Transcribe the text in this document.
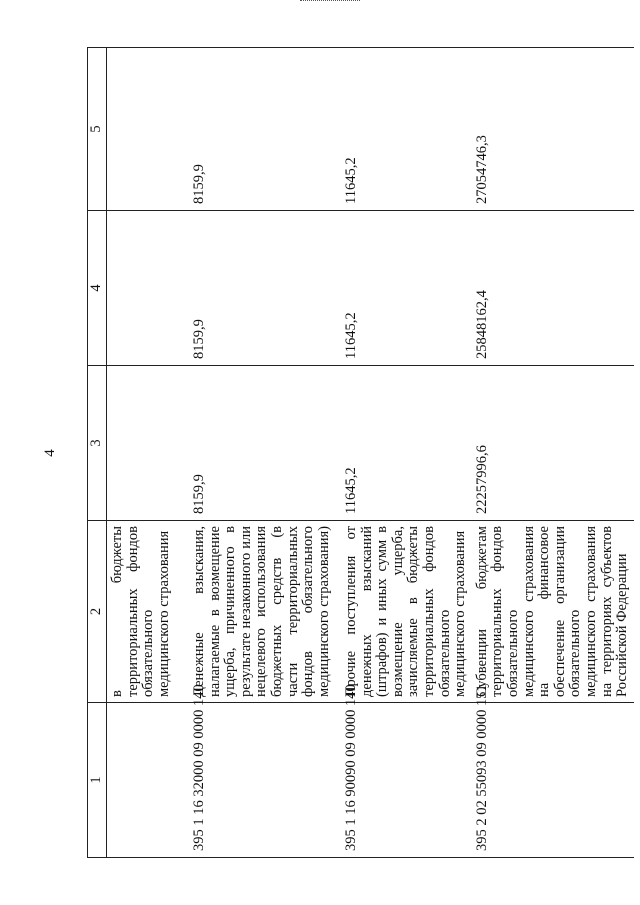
4
1	2	3	4	5
	в бюджеты территориальных фондов обязательного медицинского страхования			
395 1 16 32000 09 0000 140	Денежные взыскания, налагаемые в возмещение ущерба, причиненного в результате незаконного или нецелевого использования бюджетных средств (в части территориальных фондов обязательного медицинского страхования)	8159,9	8159,9	8159,9
395 1 16 90090 09 0000 140	Прочие поступления от денежных взысканий (штрафов) и иных сумм в возмещение ущерба, зачисляемые в бюджеты территориальных фондов обязательного медицинского страхования	11645,2	11645,2	11645,2
395 2 02 55093 09 0000 151	Субвенции бюджетам территориальных фондов обязательного медицинского страхования на финансовое обеспечение организации обязательного медицинского страхования на территориях субъектов Российской Федерации	22257996,6	25848162,4	27054746,3
